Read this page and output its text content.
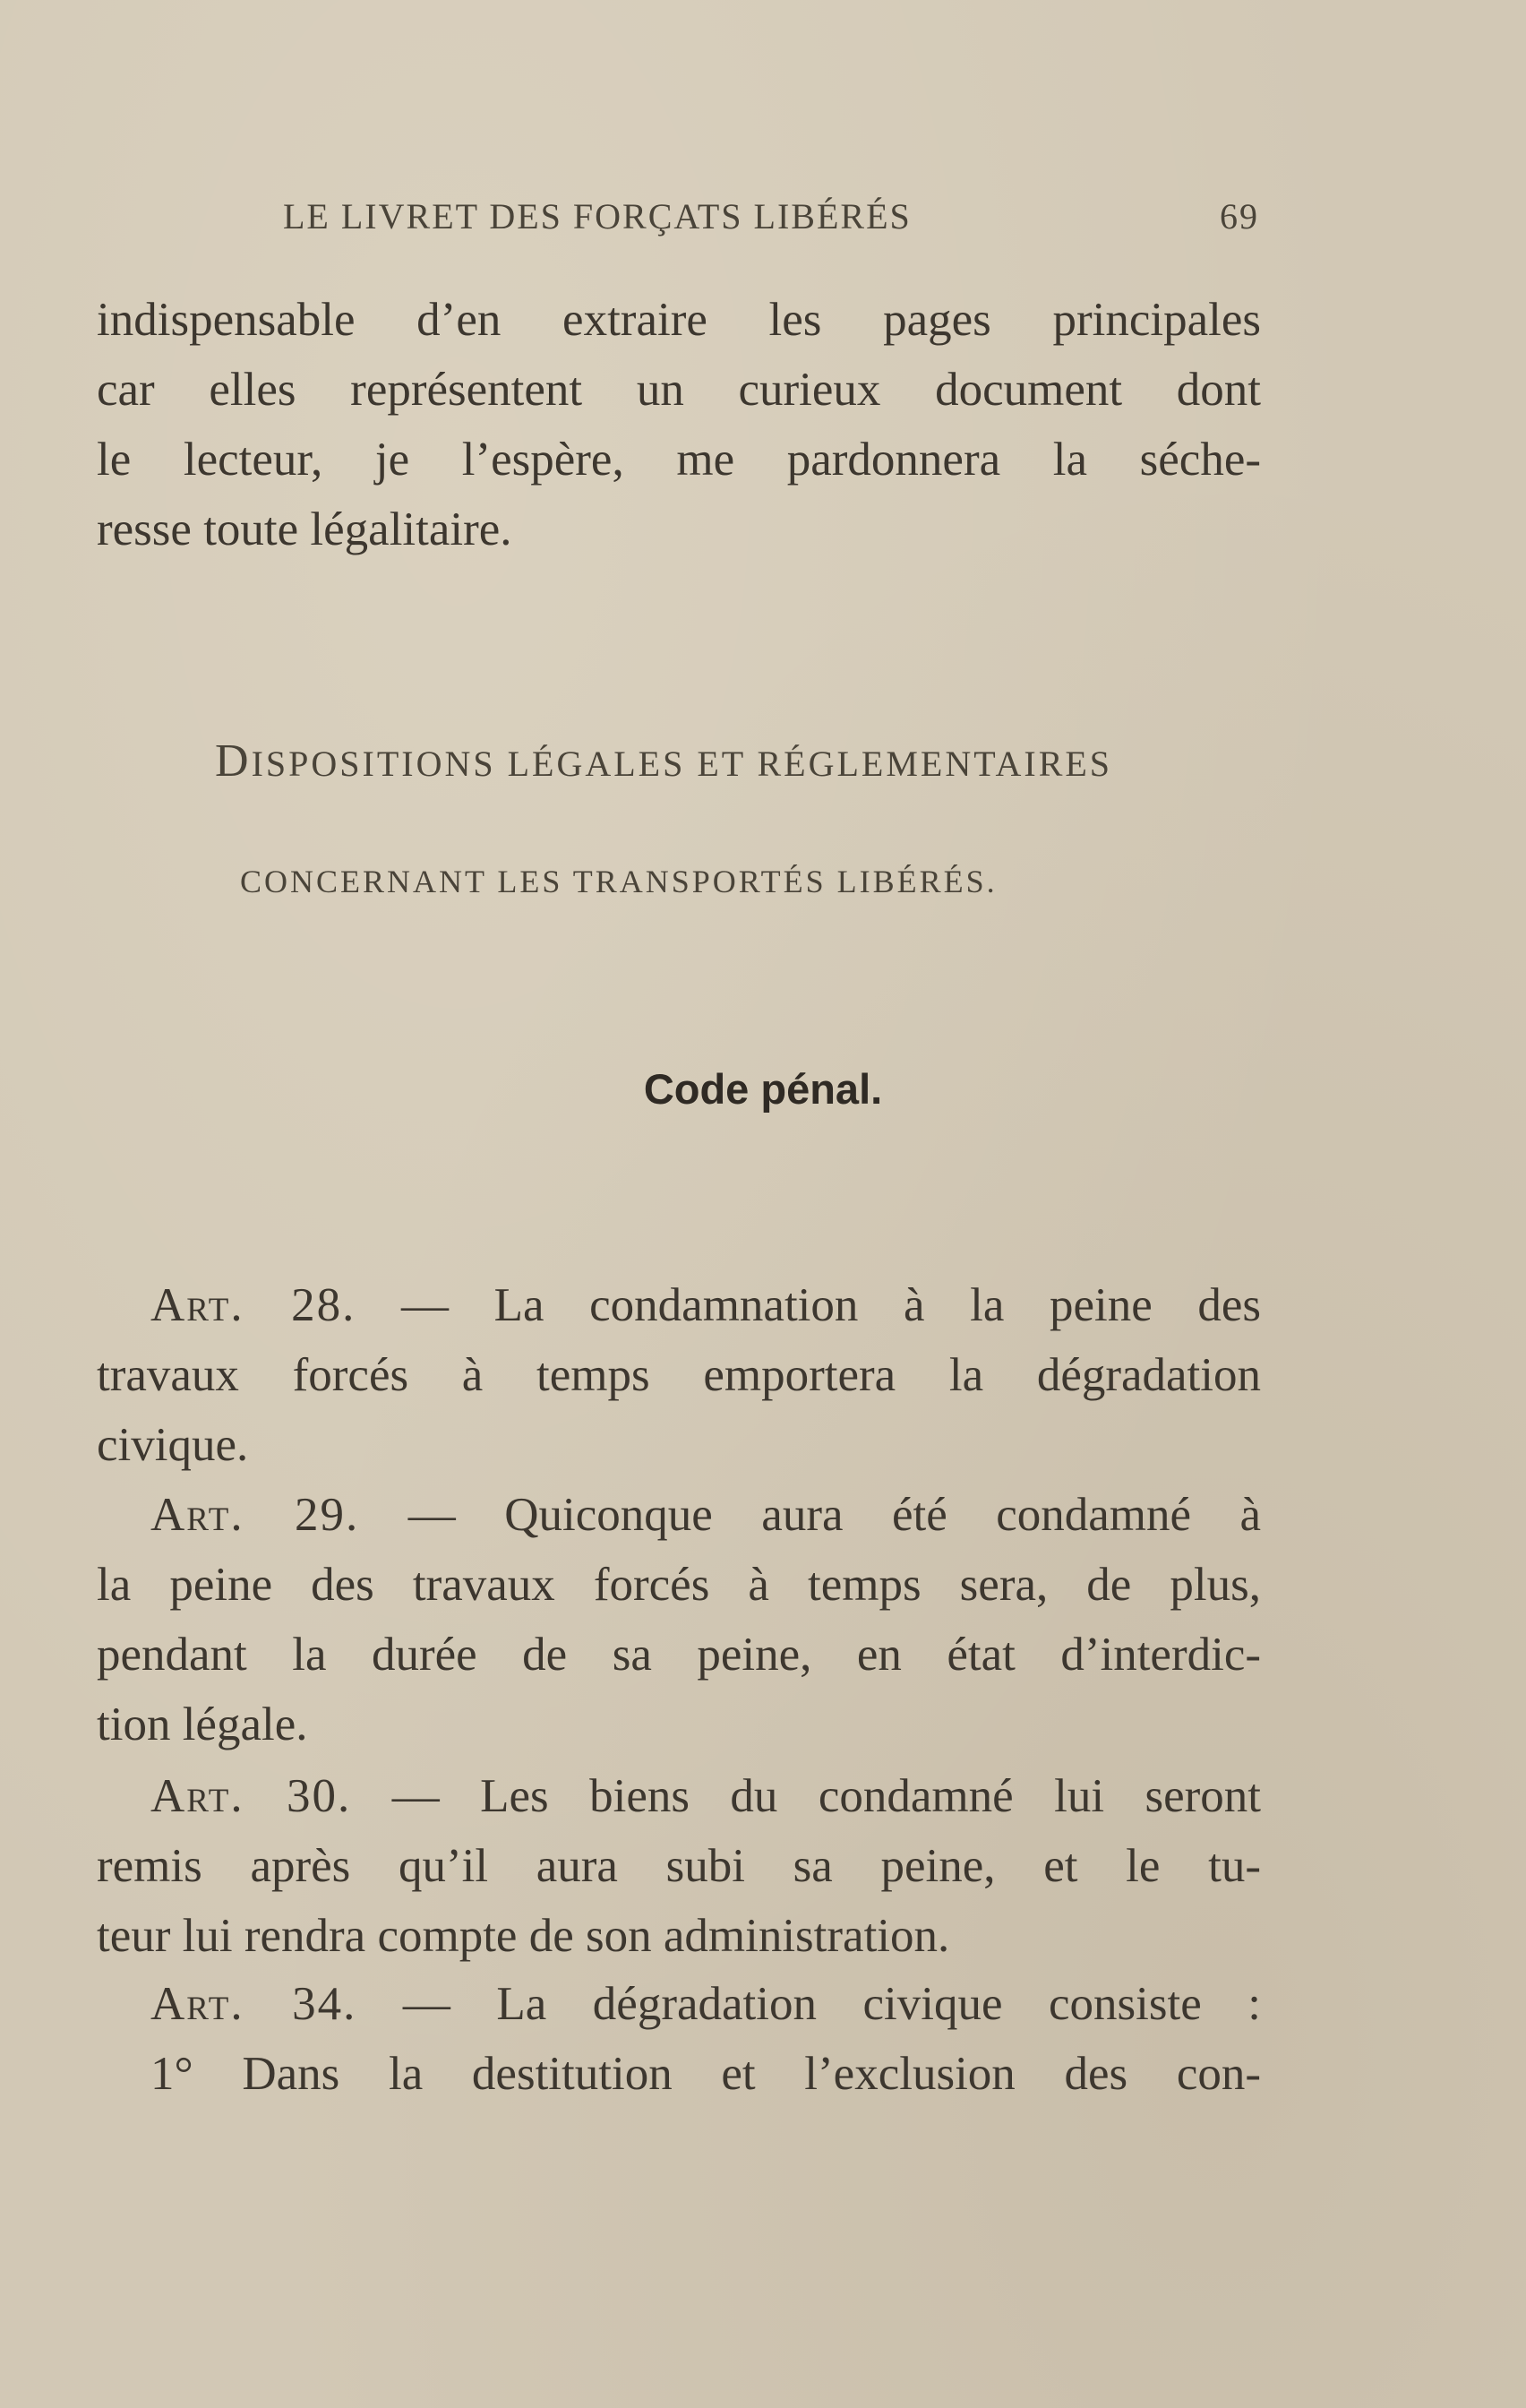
LE LIVRET DES FORÇATS LIBÉRÉS	69
indispensable d’en extraire les pages principales
car elles représentent un curieux document dont
le lecteur, je l’espère, me pardonnera la séche-
resse toute légalitaire.
DISPOSITIONS LÉGALES ET RÉGLEMENTAIRES
CONCERNANT LES TRANSPORTÉS LIBÉRÉS.
Code pénal.
Art. 28. — La condamnation à la peine des
travaux forcés à temps emportera la dégradation
civique.
Art. 29. — Quiconque aura été condamné à
la peine des travaux forcés à temps sera, de plus,
pendant la durée de sa peine, en état d’interdic-
tion légale.
Art. 30. — Les biens du condamné lui seront
remis après qu’il aura subi sa peine, et le tu-
teur lui rendra compte de son administration.
Art. 34. — La dégradation civique consiste :
1° Dans la destitution et l’exclusion des con-
